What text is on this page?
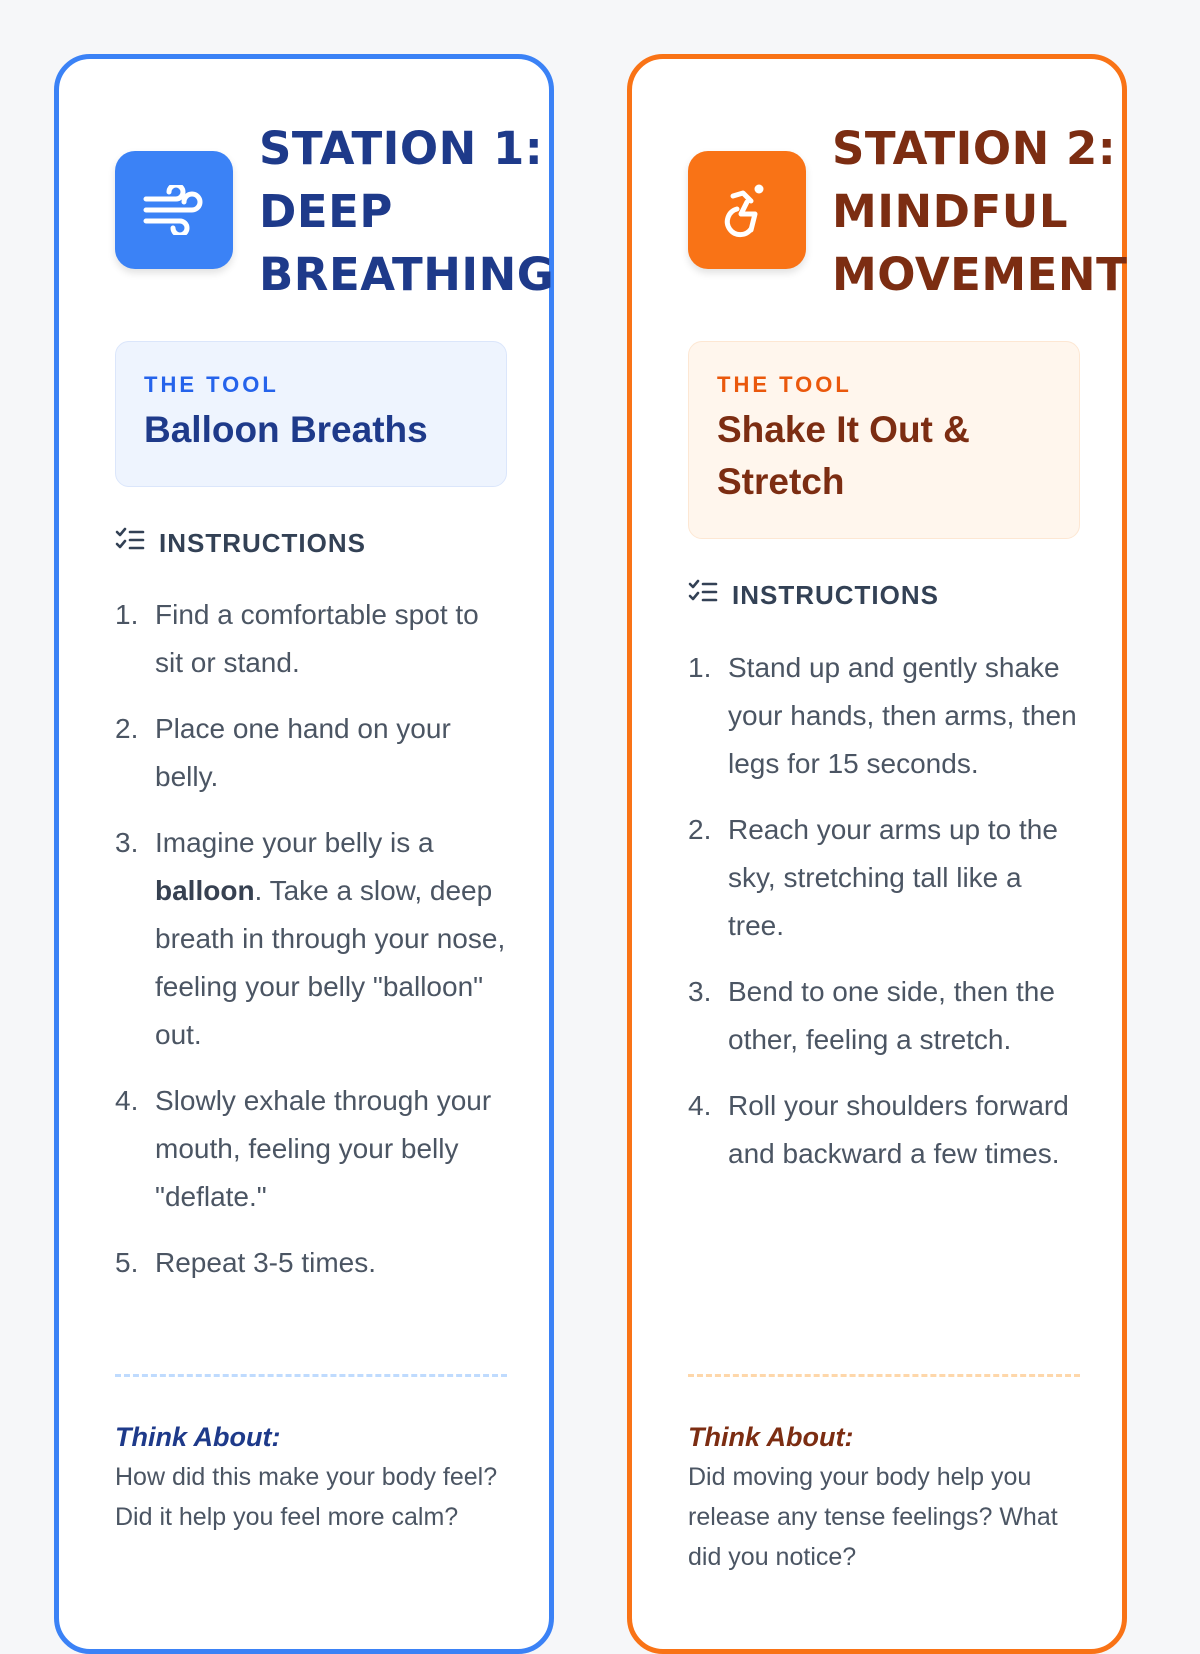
STATION 1:
DEEP
BREATHING
THE TOOL
Balloon Breaths
INSTRUCTIONS
1. Find a comfortable spot to sit or stand.
2. Place one hand on your belly.
3. Imagine your belly is a balloon. Take a slow, deep breath in through your nose, feeling your belly "balloon" out.
4. Slowly exhale through your mouth, feeling your belly "deflate."
5. Repeat 3-5 times.
Think About:
How did this make your body feel? Did it help you feel more calm?
STATION 2:
MINDFUL
MOVEMENT
THE TOOL
Shake It Out & Stretch
INSTRUCTIONS
1. Stand up and gently shake your hands, then arms, then legs for 15 seconds.
2. Reach your arms up to the sky, stretching tall like a tree.
3. Bend to one side, then the other, feeling a stretch.
4. Roll your shoulders forward and backward a few times.
Think About:
Did moving your body help you release any tense feelings? What did you notice?
